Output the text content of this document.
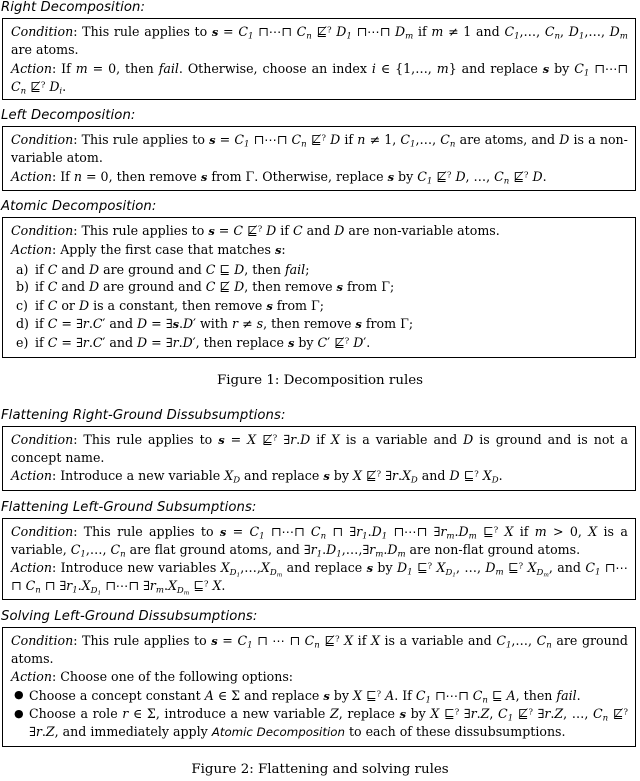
Right Decomposition:

Condition: This rule applies to $s = C_1$ ⊓⋯⊓ $C_n$ ⋢? $D_1$ ⊓⋯⊓ $D_m$ if m ≠ 1 and $C_1,\dots$, $C_n$, $D_1,\dots$, $D_m$ are atoms.

Action: If m = 0, then fail. Otherwise, choose an index i ∈ {1,…, m} and replace s by $C_1$ ⊓⋯⊓ $C_n$ ⋢? $D_i$.

Left Decomposition:

Condition: This rule applies to $s = C_1$ ⊓⋯⊓ $C_n$ ⋢? D if n ≠ 1, $C_1,\dots$, $C_n$ are atoms, and D is a non-variable atom.

Action: If n = 0, then remove s from Γ. Otherwise, replace s by $C_1$ ⋢? D, …, $C_n$ ⋢? D.

Atomic Decomposition:

Condition: This rule applies to s = C ⋢? D if C and D are non-variable atoms.

Action: Apply the first case that matches s:

a) if C and D are ground and C ⊑ D, then fail;
b) if C and D are ground and C ⋢ D, then remove s from Γ;
c) if C or D is a constant, then remove s from Γ;
d) if C = ∃r.C′ and D = ∃s.D′ with r ≠ s, then remove s from Γ;
e) if C = ∃r.C′ and D = ∃r.D′, then replace s by C′ ⋢? D′.

Figure 1: Decomposition rules

Flattening Right-Ground Dissubsumptions:

Condition: This rule applies to s = X ⋢? ∃r.D if X is a variable and D is ground and is not a concept name.

Action: Introduce a new variable $X_D$ and replace s by X ⋢? $\exists r.X_D$ and D ⊑? $X_D$.

Flattening Left-Ground Subsumptions:

Condition: This rule applies to $s = C_1$ ⊓⋯⊓ $C_n$ ⊓ $\exists r_1.D_1$ ⊓⋯⊓ $\exists r_m.D_m$ ⊑? X if m > 0, X is a variable, $C_1,\dots$, $C_n$ are flat ground atoms, and $\exists r_1.D_1,\dots,\exists r_m.D_m$ are non-flat ground atoms.

Action: Introduce new variables $X_{D_1},\dots,X_{D_m}$ and replace s by $D_1$ ⊑? $X_{D_1}$, …, $D_m$ ⊑? $X_{D_m}$, and $C_1$ ⊓⋯⊓ $C_n$ ⊓ $\exists r_1.X_{D_1}$ ⊓⋯⊓ $\exists r_m.X_{D_m}$ ⊑? X.

Solving Left-Ground Dissubsumptions:

Condition: This rule applies to $s = C_1$ ⊓ ⋯ ⊓ $C_n$ ⋢? X if X is a variable and $C_1,\dots$, $C_n$ are ground atoms.

Action: Choose one of the following options:

● Choose a concept constant A ∈ Σ and replace s by X ⊑? A. If $C_1$ ⊓⋯⊓ $C_n$ ⊑ A, then fail.
● Choose a role r ∈ Σ, introduce a new variable Z, replace s by X ⊑? ∃r.Z, $C_1$ ⋢? ∃r.Z, …, $C_n$ ⋢? ∃r.Z, and immediately apply Atomic Decomposition to each of these dissubsumptions.

Figure 2: Flattening and solving rules
